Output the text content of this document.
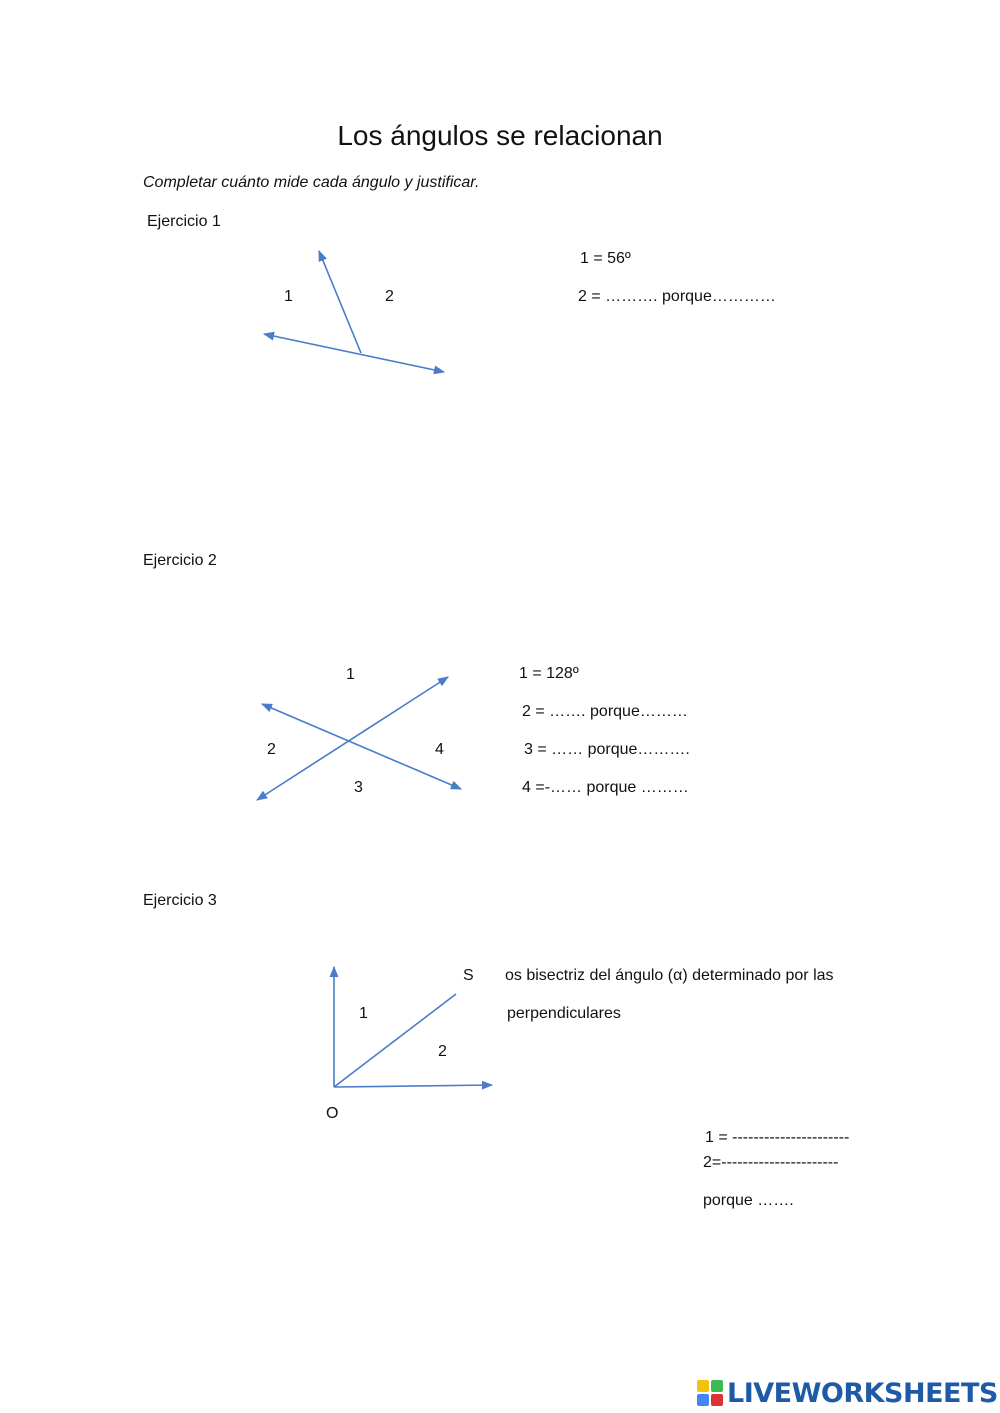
Los ángulos se relacionan
Completar cuánto mide cada ángulo y justificar.
Ejercicio 1
1	2
1 = 56º
2 = ………. porque…………
Ejercicio 2
1
2	4
3
1 = 128º
2 = ……. porque………
3 = …… porque……….
4 =-…… porque ………
Ejercicio 3
S os bisectriz del ángulo (α) determinado por las
perpendiculares
1
2
O
1 = ----------------------
2=----------------------
porque …….
LIVEWORKSHEETS
